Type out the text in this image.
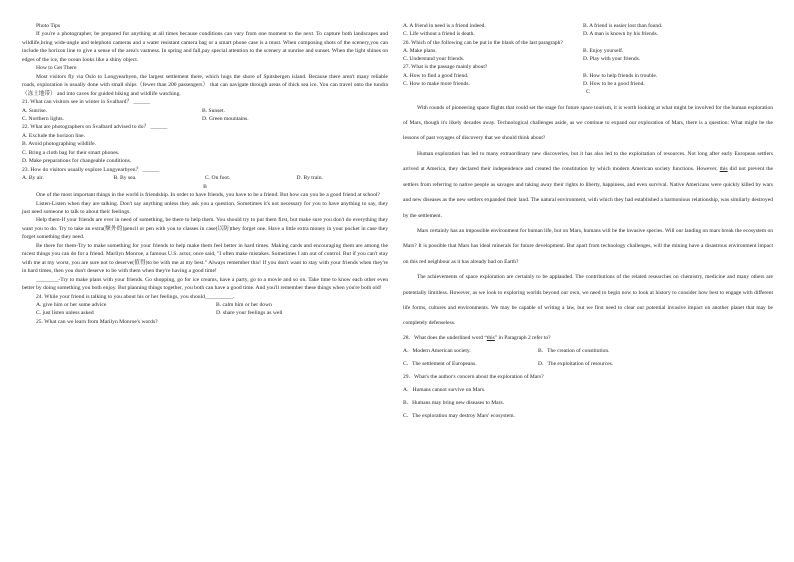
Photo Tips

If you're a photographer, be prepared for anything at all times because conditions can vary from one moment to the next. To capture both landscapes and wildlife,bring wide-angle and telephoto cameras and a water resistant camera bag or a smart phone case is a must. When composing shots of the scenery,you can include the horizon line to give a sense of the area's vastness. In spring and fall,pay special attention to the scenery at sunrise and sunset. When the light shines on edges of the ice, the ocean looks like a shiny object.

How to Get There

Most visitors fly via Oslo to Longyearbyen, the largest settlement there, which hugs the shore of Spitsbergen island. Because there aren't many reliable roads, exploration is usually done with small ships（fewer than 200 passengers） that can navigate through areas of thick sea ice. You can travel onto the tundra （冻土地带） and into caves for guided hiking and wildlife watching.

21. What can visitors see in winter in Svalbard？ ______
A. Sunrise.	B. Sunset.
C. Northern lights.	D. Green mountains.
22. What are photographers on Svalbard advised to do？ ______
A. Exclude the horizon line.
B. Avoid photographing wildlife.
C. Bring a cloth bag for their smart phones.
D. Make preparations for changeable conditions.
23. How do visitors usually explore Longyearbyen？ ______
A. By air.	B. By sea.	C. On foot.	D. By train.
B

One of the most important things in the world is friendship. In order to have friends, you have to be a friend. But how can you be a good friend at school?

Listen-Listen when they are talking. Don't say anything unless they ask you a question. Sometimes it's not necessary for you to have anything to say, they just need someone to talk to about their feelings.

Help them-If your friends are ever in need of something, be there to help them. You should try to put them first, but make sure you don't do everything they want you to do. Try to take an extra(额外的)pencil or pen with you to classes in case(以防)they forget one. Have a little extra money in your pocket in case they forget something they need.

Be there for them-Try to make something for your friends to help make them feel better in hard times. Making cards and encouraging them are among the nicest things you can do for a friend. Marilyn Monroe, a famous U.S. actor, once said, "I often make mistakes. Sometimes I am out of control. But if you can't stay with me at my worst, you are sure not to deserve(值得)to be with me at my best." Always remember this! If you don't want to stay with your friends when they're in hard times, then you don't deserve to be with them when they're having a good time!

________-Try to make plans with your friends. Go shopping, go for ice creams, have a party, go to a movie and so on. Take time to know each other even better by doing something you both enjoy. But planning things together, you both can have a good time. And you'll remember these things when you're both old!

24. While your friend is talking to you about his or her feelings, you should__________.
A. give him or her some advice	B. calm him or her down
C. just listen unless asked	D. share your feelings as well
25. What can we learn from Marilyn Monroe's words?
A. A friend in need is a friend indeed.	B. A friend is easier lost than found.
C. Life without a friend is death.	D. A man is known by his friends.
26. Which of the following can be put in the blank of the last paragraph?
A. Make plans.	B. Enjoy yourself.
C. Understand your friends.	D. Play with your friends.
27. What is the passage mainly about?
A. How to find a good friend.	B. How to help friends in trouble.
C. How to make more friends.	D. How to be a good friend.
C

With rounds of pioneering space flights that could set the stage for future space tourism, it is worth looking at what might be involved for the human exploration of Mars, though it's likely decades away. Technological challenges aside, as we continue to expand our exploration of Mars, there is a question: What might be the lessons of past voyages of discovery that we should think about?

Human exploration has led to many extraordinary new discoveries, but it has also led to the exploitation of resources. Not long after early European settlers arrived at America, they declared their independence and created the constitution by which modern American society functions. However, this did not prevent the settlers from referring to native people as savages and taking away their rights to liberty, happiness, and even survival. Native Americans were quickly killed by wars and new diseases as the new settlers expanded their land. The natural environment, with which they had established a harmonious relationship, was similarly destroyed by the settlement.

Mars certainly has an impossible environment for human life, but on Mars, humans will be the invasive species. Will our landing on mars break the ecosystem on Mars? It is possible that Mars has ideal minerals for future development. But apart from technology challenges, will the mining have a disastrous environment impact on this red neighbour as it has already had on Earth?

The achievements of space exploration are certainly to be applauded. The contributions of the related researches on chemistry, medicine and many others are potentially limitless. However, as we look to exploring worlds beyond our own, we need to begin now to look at history to consider how best to engage with different life forms, cultures and environments. We may be capable of writing a law, but we first need to clear our potential invasive impact on another planet that may be completely defenseless.

28．What does the underlined word “this” in Paragraph 2 refer to?
A．Modern American society.	B．The creation of constitution.
C．The settlement of Europeans.	D．The exploitation of resources.
29．What's the author's concern about the exploration of Mars?
A．Humans cannot survive on Mars.
B．Humans may bring new diseases to Mars.
C．The exploration may destroy Mars' ecosystem.
